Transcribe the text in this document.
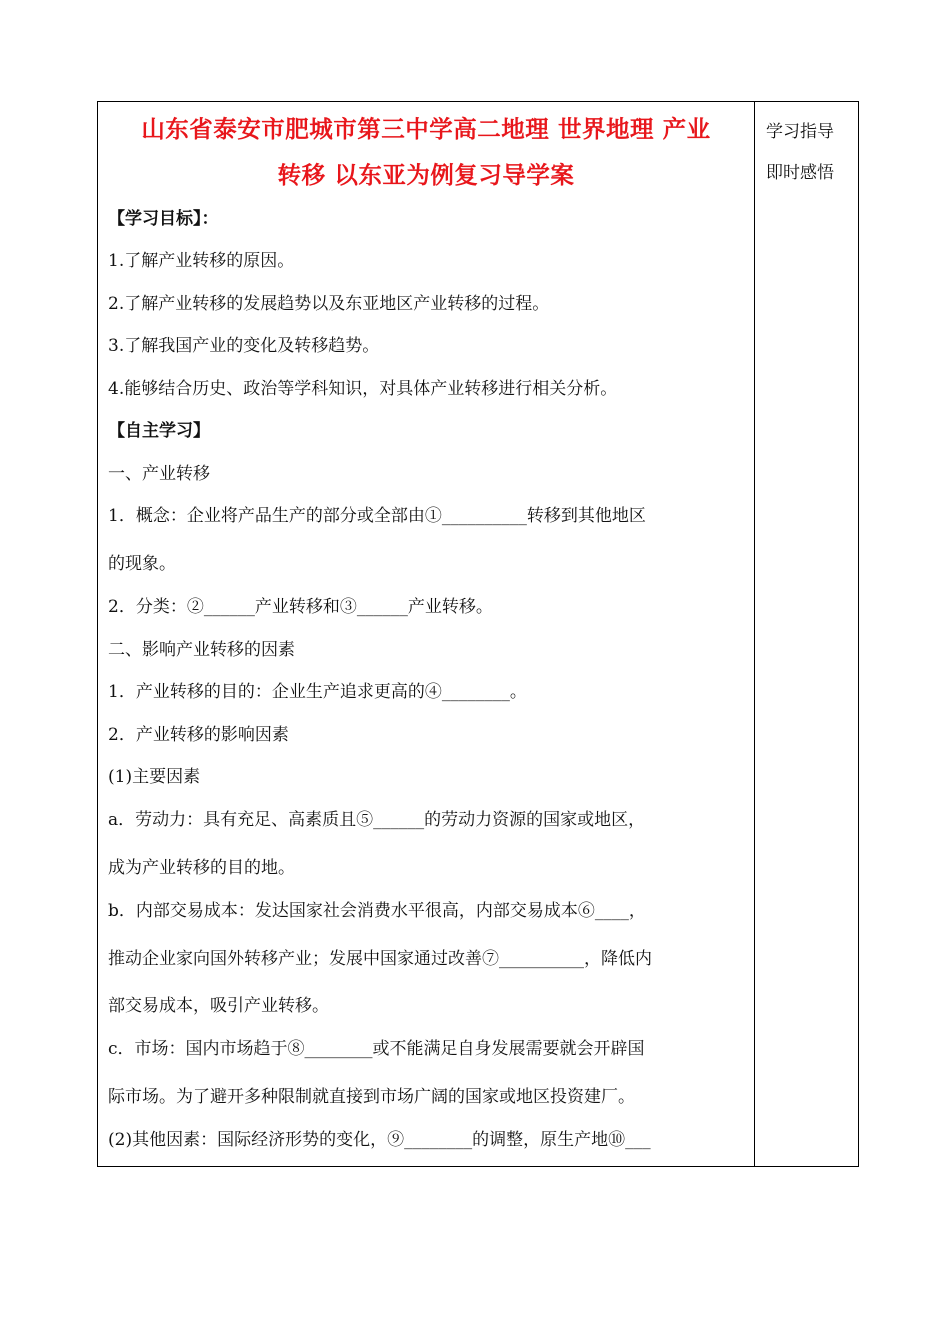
山东省泰安市肥城市第三中学高二地理 世界地理 产业
转移 以东亚为例复习导学案
【学习目标】：
1.了解产业转移的原因。
2.了解产业转移的发展趋势以及东亚地区产业转移的过程。
3.了解我国产业的变化及转移趋势。
4.能够结合历史、政治等学科知识，对具体产业转移进行相关分析。
【自主学习】
一、产业转移
1．概念：企业将产品生产的部分或全部由①__________转移到其他地区
的现象。
2．分类：②______产业转移和③______产业转移。
二、影响产业转移的因素
1．产业转移的目的：企业生产追求更高的④________。
2．产业转移的影响因素
(1)主要因素
a．劳动力：具有充足、高素质且⑤______的劳动力资源的国家或地区，
成为产业转移的目的地。
b．内部交易成本：发达国家社会消费水平很高，内部交易成本⑥____，
推动企业家向国外转移产业；发展中国家通过改善⑦__________，降低内
部交易成本，吸引产业转移。
c．市场：国内市场趋于⑧________或不能满足自身发展需要就会开辟国
际市场。为了避开多种限制就直接到市场广阔的国家或地区投资建厂。
(2)其他因素：国际经济形势的变化，⑨________的调整，原生产地⑩___
学习指导
即时感悟
